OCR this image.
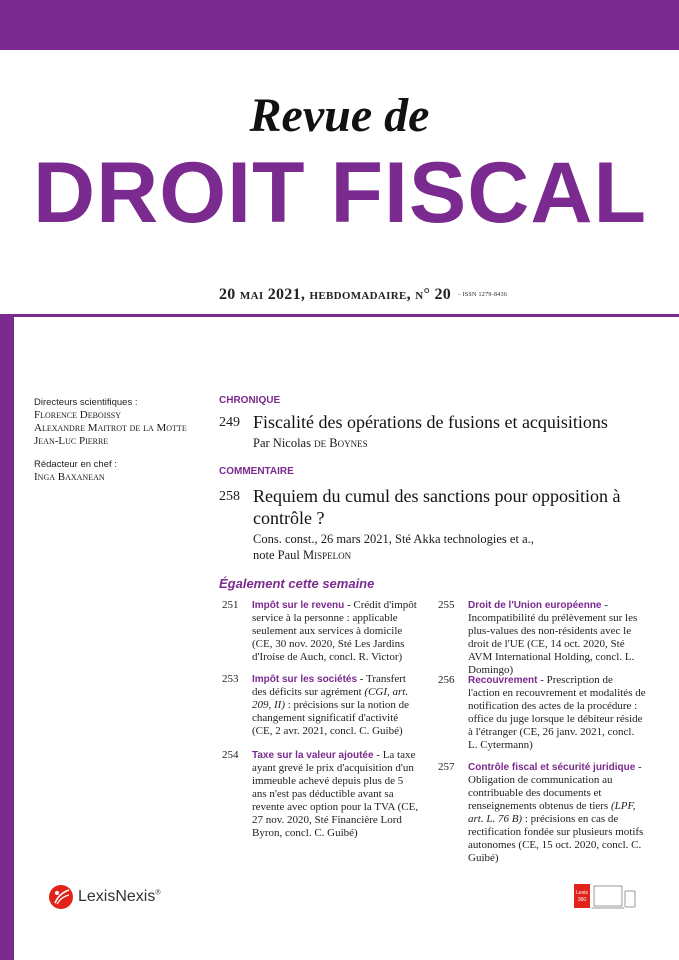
Revue de
DROIT FISCAL
20 mai 2021, hebdomadaire, n° 20 - ISSN 1279-8436
Directeurs scientifiques :
Florence Deboissy
Alexandre Maitrot de la Motte
Jean-Luc Pierre
Rédacteur en chef :
Inga Baxanean
CHRONIQUE
249 Fiscalité des opérations de fusions et acquisitions
Par Nicolas de Boynes
COMMENTAIRE
258 Requiem du cumul des sanctions pour opposition à contrôle ?
Cons. const., 26 mars 2021, Sté Akka technologies et a.,
note Paul Mispelon
Également cette semaine
251 Impôt sur le revenu - Crédit d'impôt service à la personne : applicable seulement aux services à domicile (CE, 30 nov. 2020, Sté Les Jardins d'Iroise de Auch, concl. R. Victor)
253 Impôt sur les sociétés - Transfert des déficits sur agrément (CGI, art. 209, II) : précisions sur la notion de changement significatif d'activité (CE, 2 avr. 2021, concl. C. Guibé)
254 Taxe sur la valeur ajoutée - La taxe ayant grevé le prix d'acquisition d'un immeuble achevé depuis plus de 5 ans n'est pas déductible avant sa revente avec option pour la TVA (CE, 27 nov. 2020, Sté Financière Lord Byron, concl. C. Guibé)
255 Droit de l'Union européenne - Incompatibilité du prélèvement sur les plus-values des non-résidents avec le droit de l'UE (CE, 14 oct. 2020, Sté AVM International Holding, concl. L. Domingo)
256 Recouvrement - Prescription de l'action en recouvrement et modalités de notification des actes de la procédure : office du juge lorsque le débiteur réside à l'étranger (CE, 26 janv. 2021, concl. L. Cytermann)
257 Contrôle fiscal et sécurité juridique - Obligation de communication au contribuable des documents et renseignements obtenus de tiers (LPF, art. L. 76 B) : précisions en cas de rectification fondée sur plusieurs motifs autonomes (CE, 15 oct. 2020, concl. C. Guibé)
LexisNexis®	Lexis
360
